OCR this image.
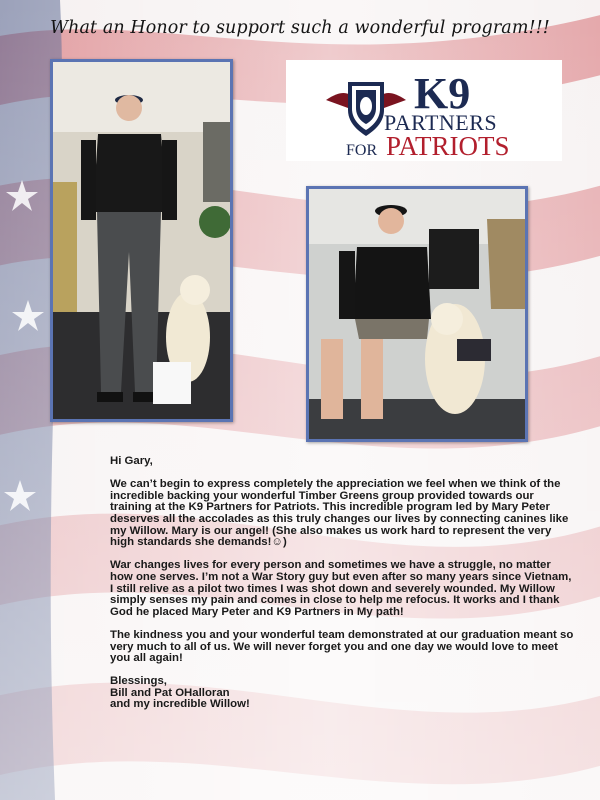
What an Honor to support such a wonderful program!!!
K9
PARTNERS
FOR PATRIOTS

Hi Gary,

We can’t begin to express completely the appreciation we feel when we think of the incredible backing your wonderful Timber Greens group provided towards our training at the K9 Partners for Patriots. This incredible program led by Mary Peter deserves all the accolades as this truly changes our lives by connecting canines like my Willow. Mary is our angel! (She also makes us work hard to represent the very high standards she demands!☺)

War changes lives for every person and sometimes we have a struggle, no matter how one serves. I’m not a War Story guy but even after so many years since Vietnam, I still relive as a pilot two times I was shot down and severely wounded. My Willow simply senses my pain and comes in close to help me refocus. It works and I thank God he placed Mary Peter and K9 Partners in My path!

The kindness you and your wonderful team demonstrated at our graduation meant so very much to all of us. We will never forget you and one day we would love to meet you all again!

Blessings,

Bill and Pat OHalloran

and my incredible Willow!
